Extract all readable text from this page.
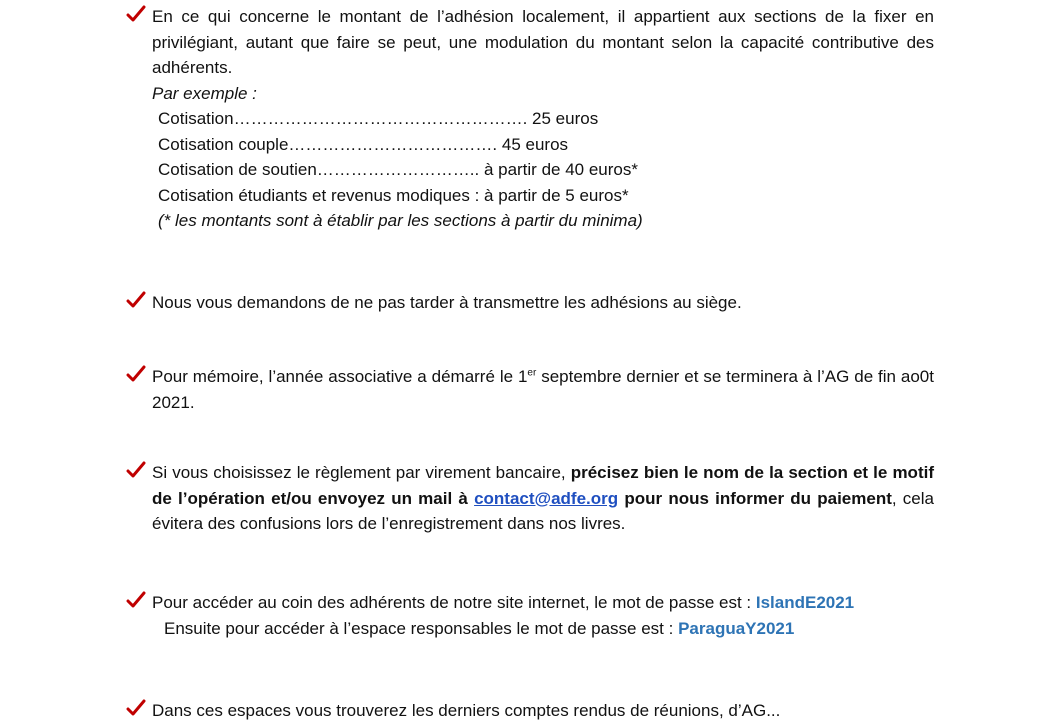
En ce qui concerne le montant de l’adhésion localement, il appartient aux sections de la fixer en privilégiant, autant que faire se peut, une modulation du montant selon la capacité contributive des adhérents.
Par exemple :
Cotisation……………………………………………. 25 euros
Cotisation couple………………………………. 45 euros
Cotisation de soutien……………………….. à partir de 40 euros*
Cotisation étudiants et revenus modiques : à partir de 5 euros*
(* les montants sont à établir par les sections à partir du minima)
Nous vous demandons de ne pas tarder à transmettre les adhésions au siège.
Pour mémoire, l’année associative a démarré le 1er septembre dernier et se terminera à l’AG de fin ao0t 2021.
Si vous choisissez le règlement par virement bancaire, précisez bien le nom de la section et le motif de l’opération et/ou envoyez un mail à contact@adfe.org pour nous informer du paiement, cela évitera des confusions lors de l’enregistrement dans nos livres.
Pour accéder au coin des adhérents de notre site internet, le mot de passe est : IslandE2021
Ensuite pour accéder à l’espace responsables le mot de passe est : ParaguaY2021
Dans ces espaces vous trouverez les derniers comptes rendus de réunions, d’AG...
